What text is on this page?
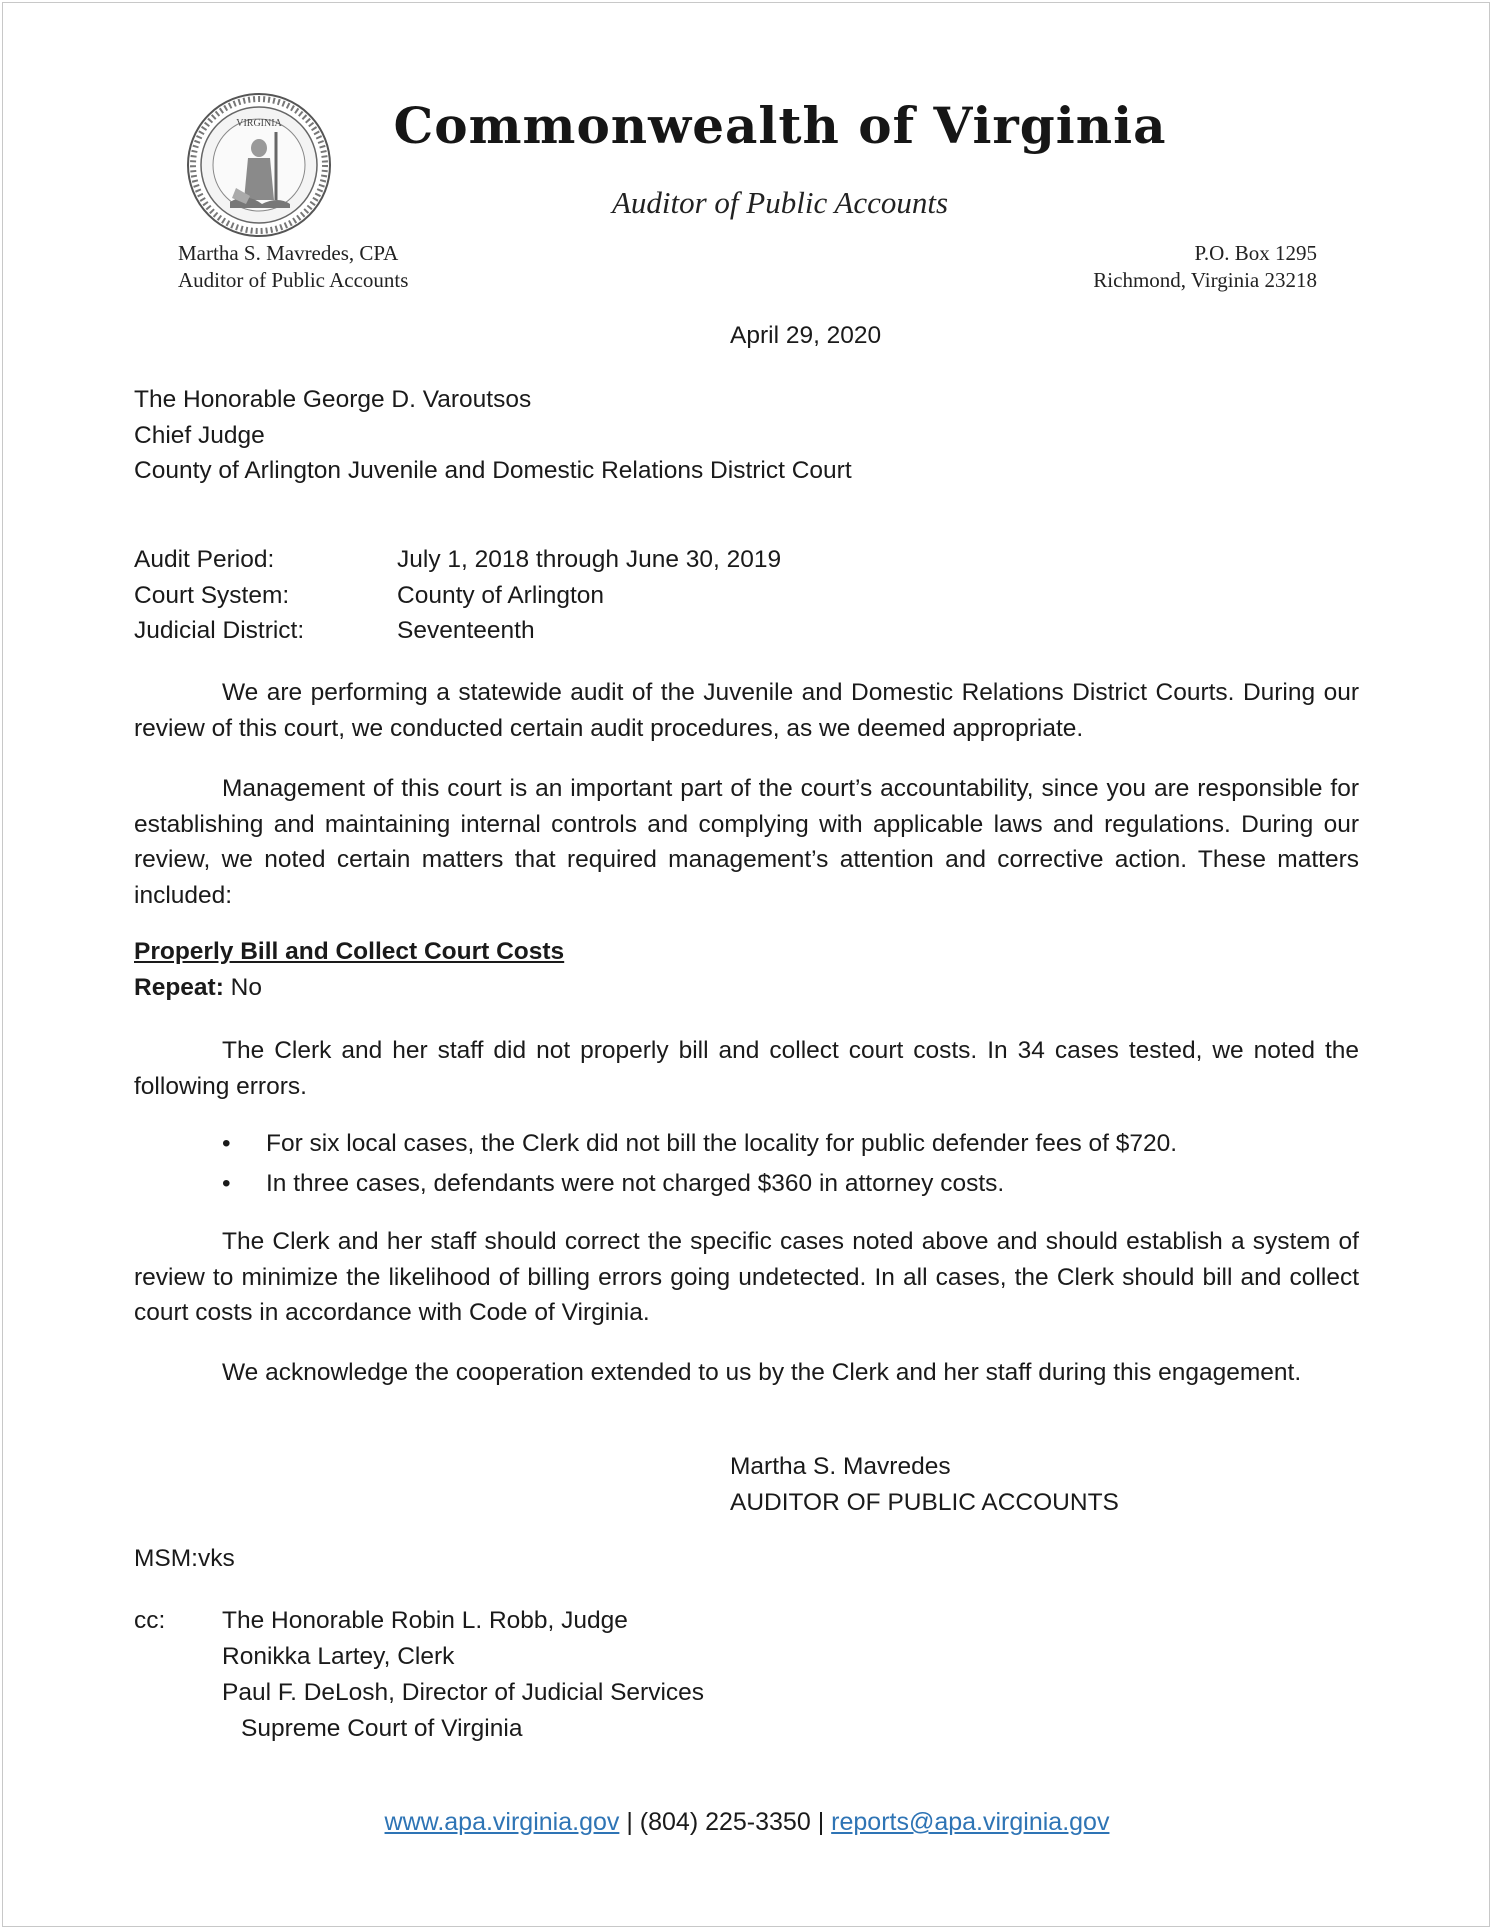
VIRGINIA	Commonwealth of Virginia
Auditor of Public Accounts
Martha S. Mavredes, CPA
Auditor of Public Accounts
P.O. Box 1295
Richmond, Virginia 23218
April 29, 2020
The Honorable George D. Varoutsos
Chief Judge
County of Arlington Juvenile and Domestic Relations District Court
Audit Period:	July 1, 2018 through June 30, 2019
Court System:	County of Arlington
Judicial District:	Seventeenth

We are performing a statewide audit of the Juvenile and Domestic Relations District Courts. During our review of this court, we conducted certain audit procedures, as we deemed appropriate.

Management of this court is an important part of the court’s accountability, since you are responsible for establishing and maintaining internal controls and complying with applicable laws and regulations. During our review, we noted certain matters that required management’s attention and corrective action. These matters included:

Properly Bill and Collect Court Costs
Repeat: No

The Clerk and her staff did not properly bill and collect court costs. In 34 cases tested, we noted the following errors.

•	For six local cases, the Clerk did not bill the locality for public defender fees of $720.
•	In three cases, defendants were not charged $360 in attorney costs.

The Clerk and her staff should correct the specific cases noted above and should establish a system of review to minimize the likelihood of billing errors going undetected. In all cases, the Clerk should bill and collect court costs in accordance with Code of Virginia.

We acknowledge the cooperation extended to us by the Clerk and her staff during this engagement.

Martha S. Mavredes
AUDITOR OF PUBLIC ACCOUNTS
MSM:vks
cc:	The Honorable Robin L. Robb, Judge
Ronikka Lartey, Clerk
Paul F. DeLosh, Director of Judicial Services
Supreme Court of Virginia
www.apa.virginia.gov | (804) 225-3350 | reports@apa.virginia.gov
